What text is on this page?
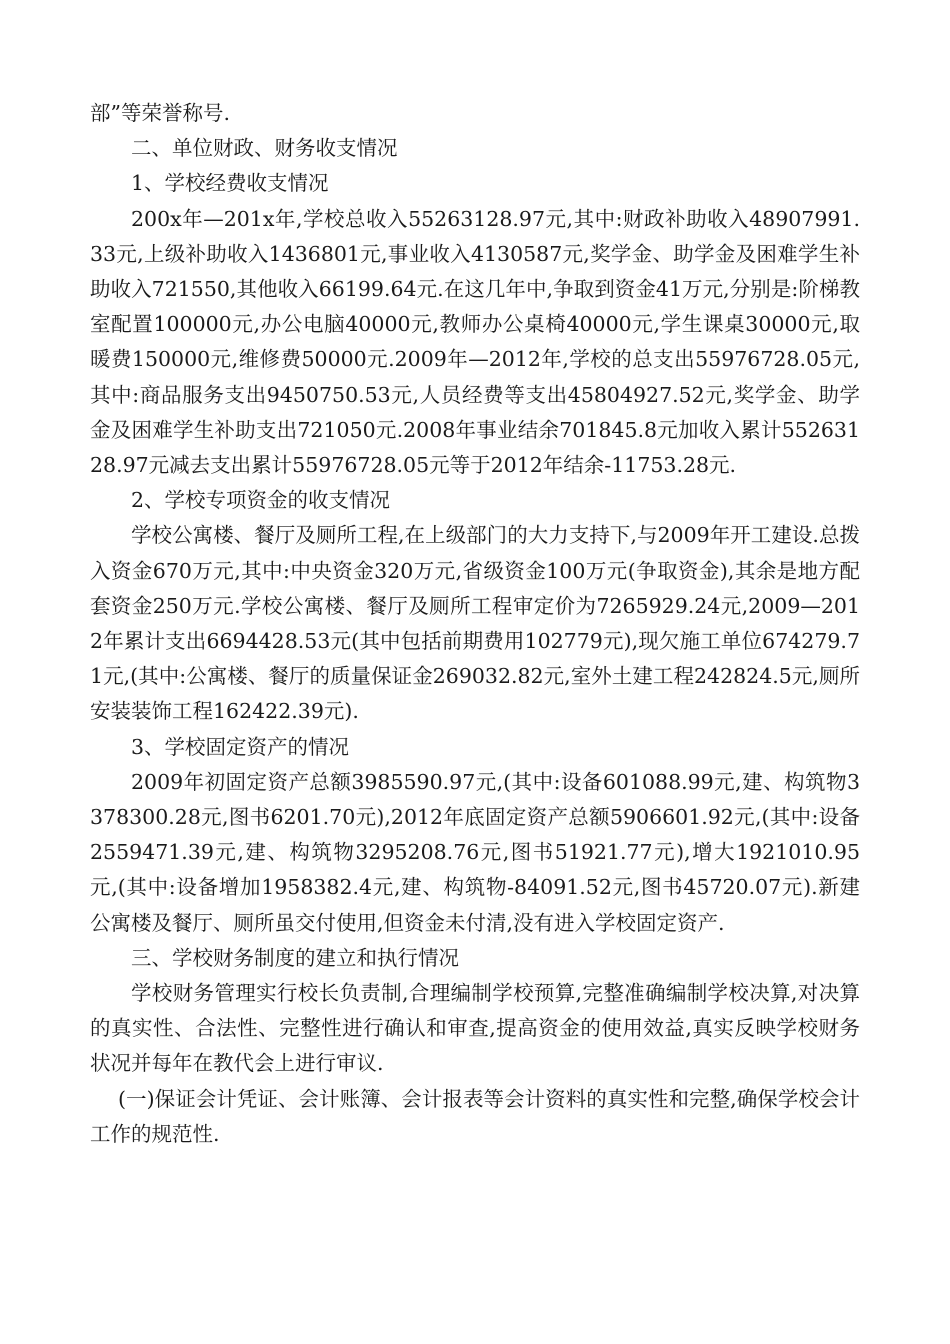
部”等荣誉称号.

二、单位财政、财务收支情况

1、学校经费收支情况

200x年—201x年,学校总收入55263128.97元,其中:财政补助收入48907991.33元,上级补助收入1436801元,事业收入4130587元,奖学金、助学金及困难学生补助收入721550,其他收入66199.64元.在这几年中,争取到资金41万元,分别是:阶梯教室配置100000元,办公电脑40000元,教师办公桌椅40000元,学生课桌30000元,取暖费150000元,维修费50000元.2009年—2012年,学校的总支出55976728.05元,其中:商品服务支出9450750.53元,人员经费等支出45804927.52元,奖学金、助学金及困难学生补助支出721050元.2008年事业结余701845.8元加收入累计55263128.97元减去支出累计55976728.05元等于2012年结余-11753.28元.

2、学校专项资金的收支情况

学校公寓楼、餐厅及厕所工程,在上级部门的大力支持下,与2009年开工建设.总拨入资金670万元,其中:中央资金320万元,省级资金100万元(争取资金),其余是地方配套资金250万元.学校公寓楼、餐厅及厕所工程审定价为7265929.24元,2009—2012年累计支出6694428.53元(其中包括前期费用102779元),现欠施工单位674279.71元,(其中:公寓楼、餐厅的质量保证金269032.82元,室外土建工程242824.5元,厕所安装装饰工程162422.39元).

3、学校固定资产的情况

2009年初固定资产总额3985590.97元,(其中:设备601088.99元,建、构筑物3378300.28元,图书6201.70元),2012年底固定资产总额5906601.92元,(其中:设备2559471.39元,建、构筑物3295208.76元,图书51921.77元),增大1921010.95元,(其中:设备增加1958382.4元,建、构筑物-84091.52元,图书45720.07元).新建公寓楼及餐厅、厕所虽交付使用,但资金未付清,没有进入学校固定资产.

三、学校财务制度的建立和执行情况

学校财务管理实行校长负责制,合理编制学校预算,完整准确编制学校决算,对决算的真实性、合法性、完整性进行确认和审查,提高资金的使用效益,真实反映学校财务状况并每年在教代会上进行审议.

(一)保证会计凭证、会计账簿、会计报表等会计资料的真实性和完整,确保学校会计工作的规范性.
